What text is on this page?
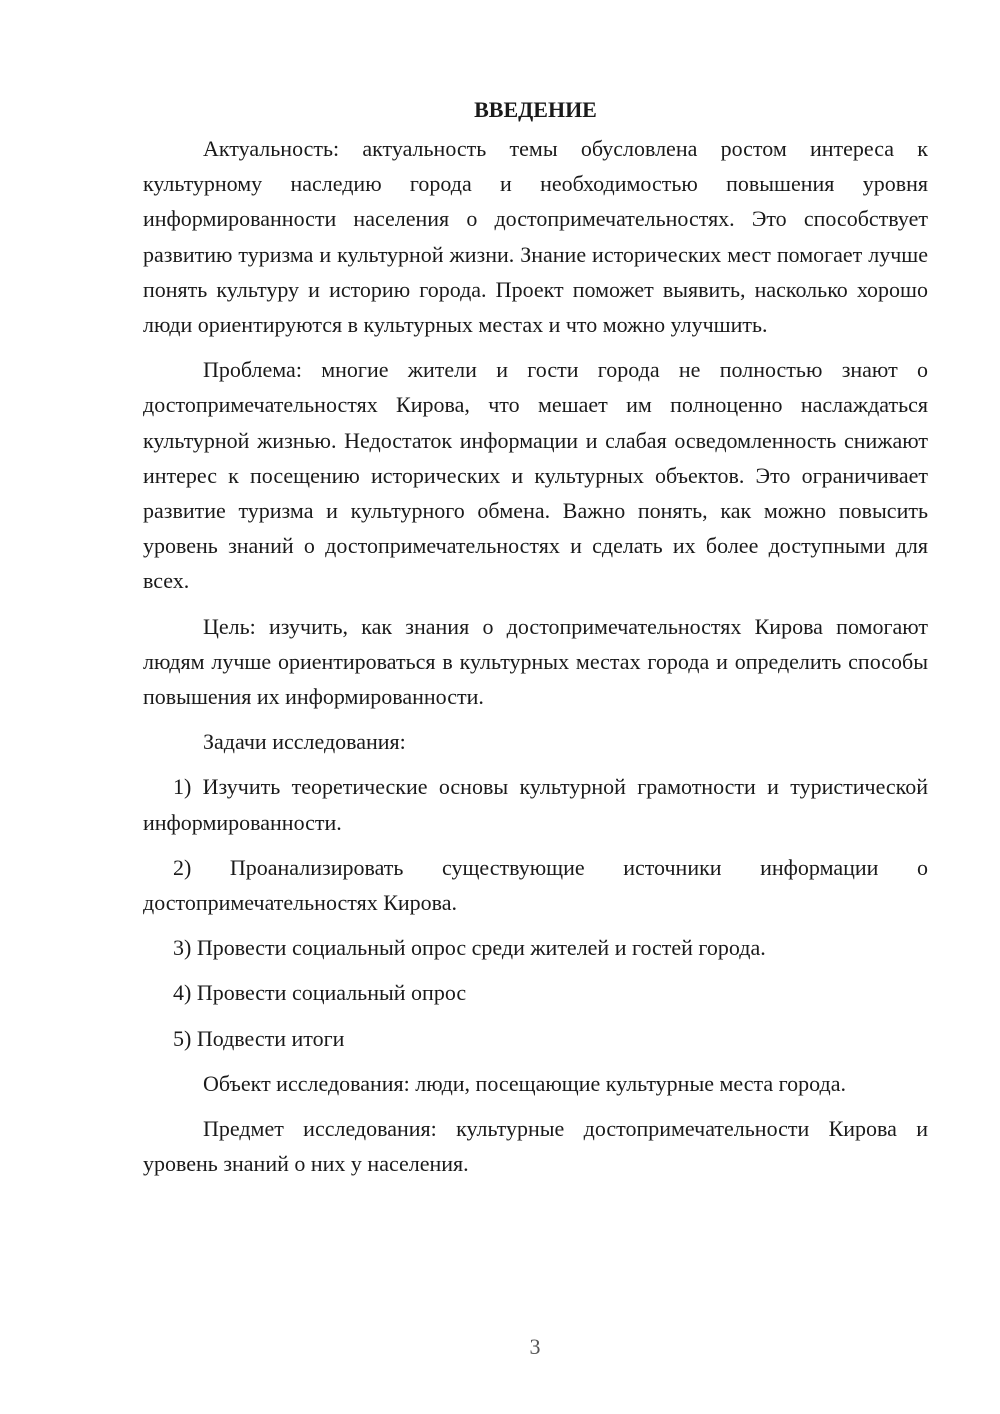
ВВЕДЕНИЕ

Актуальность: актуальность темы обусловлена ростом интереса к культурному наследию города и необходимостью повышения уровня информированности населения о достопримечательностях. Это способствует развитию туризма и культурной жизни. Знание исторических мест помогает лучше понять культуру и историю города. Проект поможет выявить, насколько хорошо люди ориентируются в культурных местах и что можно улучшить.

Проблема: многие жители и гости города не полностью знают о достопримечательностях Кирова, что мешает им полноценно наслаждаться культурной жизнью. Недостаток информации и слабая осведомленность снижают интерес к посещению исторических и культурных объектов. Это ограничивает развитие туризма и культурного обмена. Важно понять, как можно повысить уровень знаний о достопримечательностях и сделать их более доступными для всех.

Цель: изучить, как знания о достопримечательностях Кирова помогают людям лучше ориентироваться в культурных местах города и определить способы повышения их информированности.

Задачи исследования:

1) Изучить теоретические основы культурной грамотности и туристической информированности.

2) Проанализировать существующие источники информации о достопримечательностях Кирова.

3) Провести социальный опрос среди жителей и гостей города.

4) Провести социальный опрос

5) Подвести итоги

Объект исследования: люди, посещающие культурные места города.

Предмет исследования: культурные достопримечательности Кирова и уровень знаний о них у населения.

3
